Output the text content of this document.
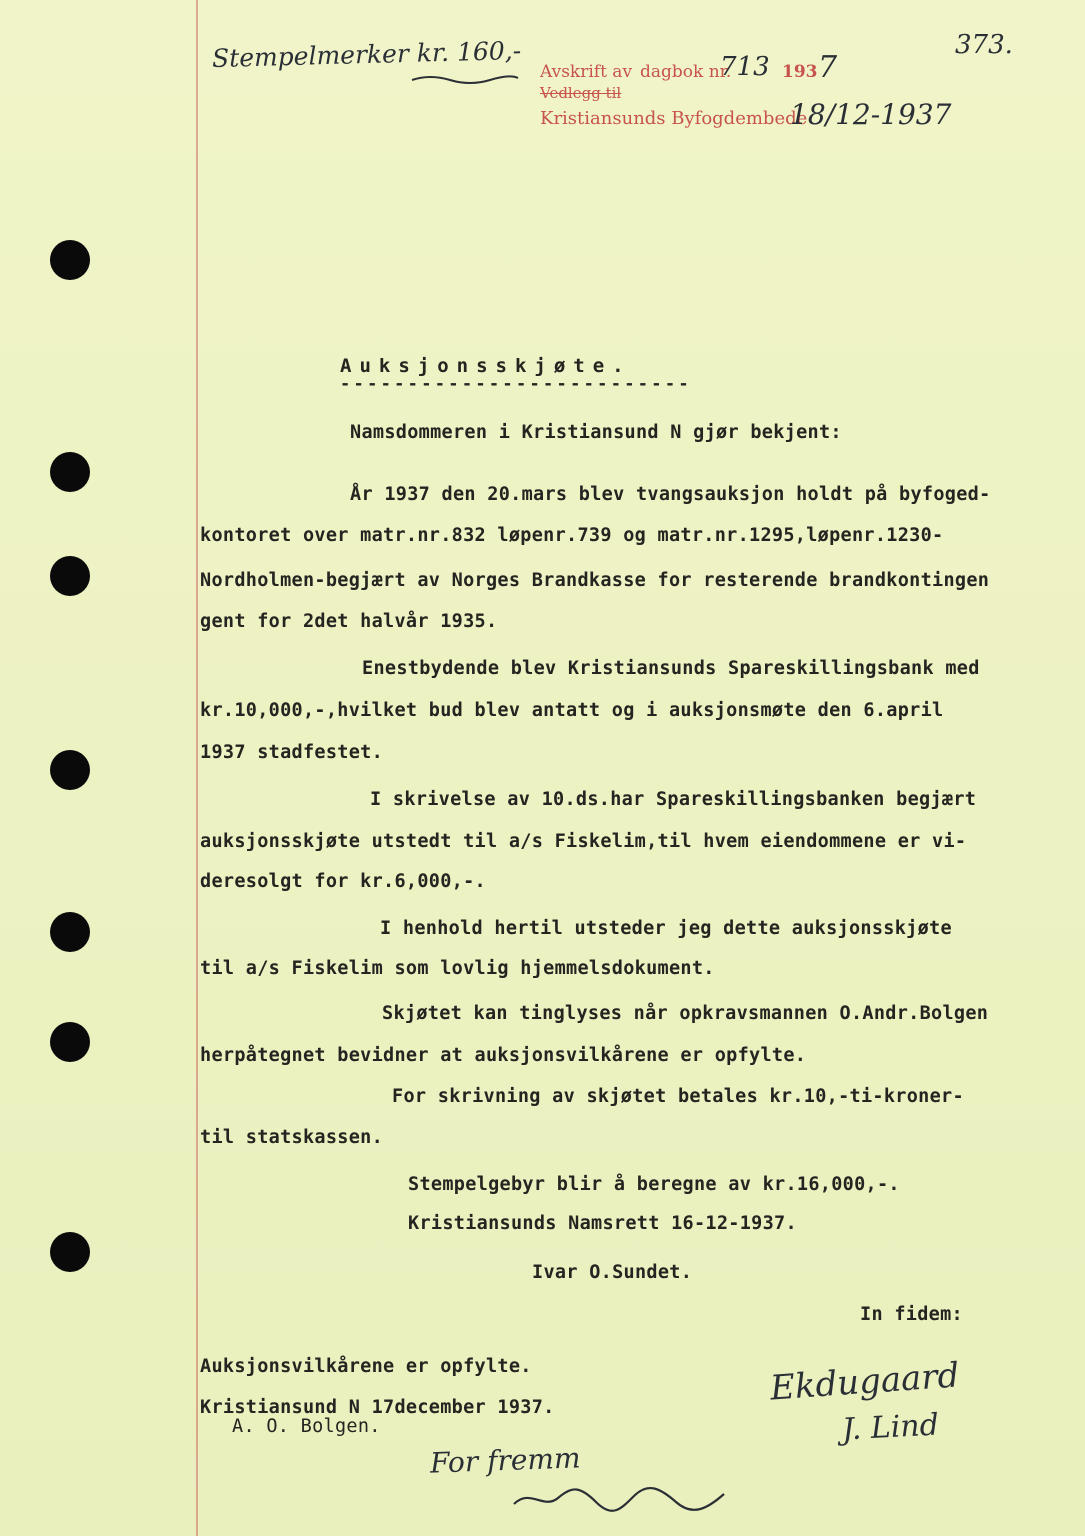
Stempelmerker kr. 160,- Avskrift av dagbok nr.
713 193 7
Vedlegg til
Kristiansunds Byfogdembede
18/12-1937
373.
Auksjonsskjøte.
--------------------------
Namsdommeren i Kristiansund N gjør bekjent:
År 1937 den 20.mars blev tvangsauksjon holdt på byfoged-
kontoret over matr.nr.832 løpenr.739 og matr.nr.1295,løpenr.1230-
Nordholmen-begjært av Norges Brandkasse for resterende brandkontingen
gent for 2det halvår 1935.
Enestbydende blev Kristiansunds Spareskillingsbank med
kr.10,000,-,hvilket bud blev antatt og i auksjonsmøte den 6.april
1937 stadfestet.
I skrivelse av 10.ds.har Spareskillingsbanken begjært
auksjonsskjøte utstedt til a/s Fiskelim,til hvem eiendommene er vi-
deresolgt for kr.6,000,-.
I henhold hertil utsteder jeg dette auksjonsskjøte
til a/s Fiskelim som lovlig hjemmelsdokument.
Skjøtet kan tinglyses når opkravsmannen O.Andr.Bolgen
herpåtegnet bevidner at auksjonsvilkårene er opfylte.
For skrivning av skjøtet betales kr.10,-ti-kroner-
til statskassen.
Stempelgebyr blir å beregne av kr.16,000,-.
Kristiansunds Namsrett 16-12-1937.
Ivar O.Sundet.
In fidem:
Auksjonsvilkårene er opfylte.
Kristiansund N 17december 1937.
A. O. Bolgen.
Ekdugaard
J. Lind
For fremm
